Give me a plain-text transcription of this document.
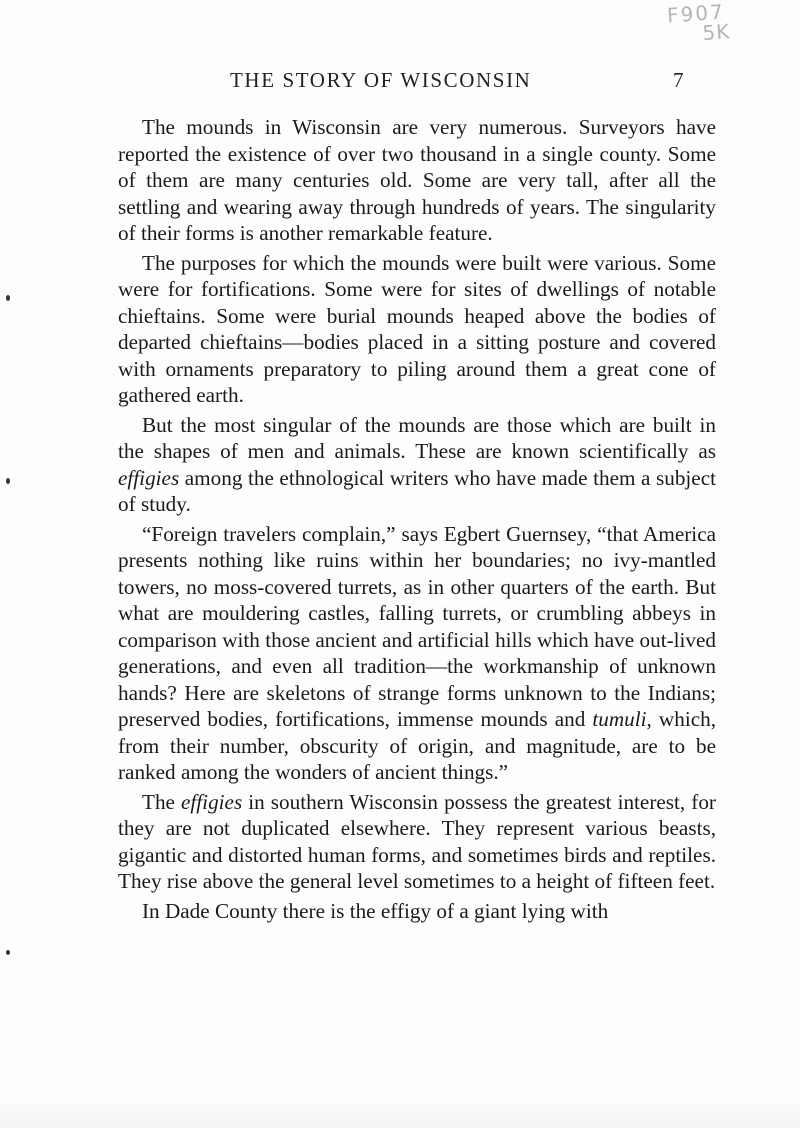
F907
5K
THE STORY OF WISCONSIN	7

The mounds in Wisconsin are very numerous. Surveyors have reported the existence of over two thousand in a single county. Some of them are many centuries old. Some are very tall, after all the settling and wearing away through hundreds of years. The singularity of their forms is another remarkable feature.

The purposes for which the mounds were built were various. Some were for fortifications. Some were for sites of dwellings of notable chieftains. Some were burial mounds heaped above the bodies of departed chieftains—bodies placed in a sitting posture and covered with ornaments preparatory to piling around them a great cone of gathered earth.

But the most singular of the mounds are those which are built in the shapes of men and animals. These are known scientifically as effigies among the ethnological writers who have made them a subject of study.

“Foreign travelers complain,” says Egbert Guernsey, “that America presents nothing like ruins within her boundaries; no ivy-mantled towers, no moss-covered turrets, as in other quarters of the earth. But what are mouldering castles, falling turrets, or crumbling abbeys in comparison with those ancient and artificial hills which have out-lived generations, and even all tradition—the workmanship of unknown hands? Here are skeletons of strange forms unknown to the Indians; preserved bodies, fortifications, immense mounds and tumuli, which, from their number, obscurity of origin, and magnitude, are to be ranked among the wonders of ancient things.”

The effigies in southern Wisconsin possess the greatest interest, for they are not duplicated elsewhere. They represent various beasts, gigantic and distorted human forms, and sometimes birds and reptiles. They rise above the general level sometimes to a height of fifteen feet.

In Dade County there is the effigy of a giant lying with
